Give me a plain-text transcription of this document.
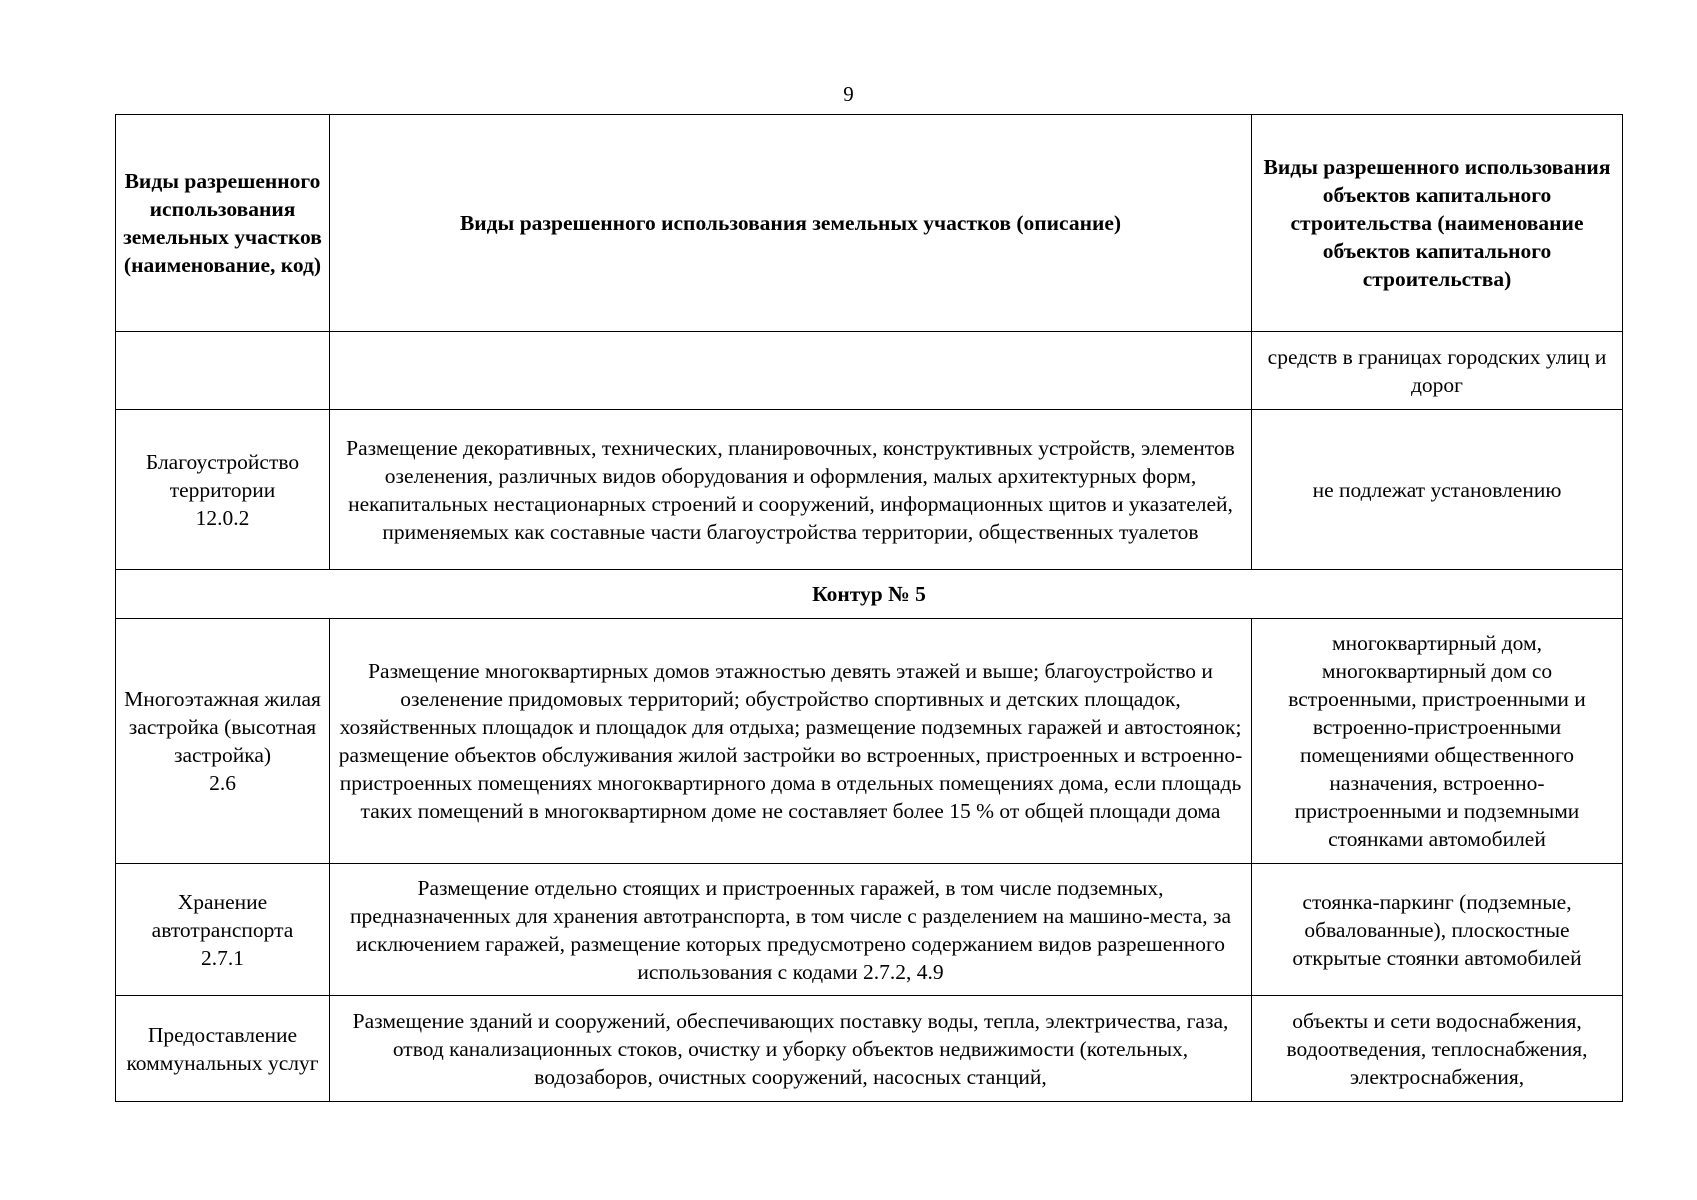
9
Виды разрешенного использования земельных участков (наименование, код)	Виды разрешенного использования земельных участков (описание)	Виды разрешенного использования объектов капитального строительства (наименование объектов капитального строительства)

		средств в границах городских улиц и дорог

Благоустройство территории
12.0.2	Размещение декоративных, технических, планировочных, конструктивных устройств, элементов озеленения, различных видов оборудования и оформления, малых архитектурных форм, некапитальных нестационарных строений и сооружений, информационных щитов и указателей, применяемых как составные части благоустройства территории, общественных туалетов	не подлежат установлению

Контур № 5		

Многоэтажная жилая застройка (высотная застройка)
2.6	Размещение многоквартирных домов этажностью девять этажей и выше; благоустройство и озеленение придомовых территорий; обустройство спортивных и детских площадок, хозяйственных площадок и площадок для отдыха; размещение подземных гаражей и автостоянок; размещение объектов обслуживания жилой застройки во встроенных, пристроенных и встроенно-пристроенных помещениях многоквартирного дома в отдельных помещениях дома, если площадь таких помещений в многоквартирном доме не составляет более 15 % от общей площади дома	многоквартирный дом, многоквартирный дом со встроенными, пристроенными и встроенно-пристроенными помещениями общественного назначения, встроенно-пристроенными и подземными стоянками автомобилей

Хранение автотранспорта
2.7.1	Размещение отдельно стоящих и пристроенных гаражей, в том числе подземных, предназначенных для хранения автотранспорта, в том числе с разделением на машино-места, за исключением гаражей, размещение которых предусмотрено содержанием видов разрешенного использования с кодами 2.7.2, 4.9	стоянка-паркинг (подземные, обвалованные), плоскостные открытые стоянки автомобилей

Предоставление коммунальных услуг	Размещение зданий и сооружений, обеспечивающих поставку воды, тепла, электричества, газа, отвод канализационных стоков, очистку и уборку объектов недвижимости (котельных, водозаборов, очистных сооружений, насосных станций,	объекты и сети водоснабжения, водоотведения, теплоснабжения, электроснабжения,
